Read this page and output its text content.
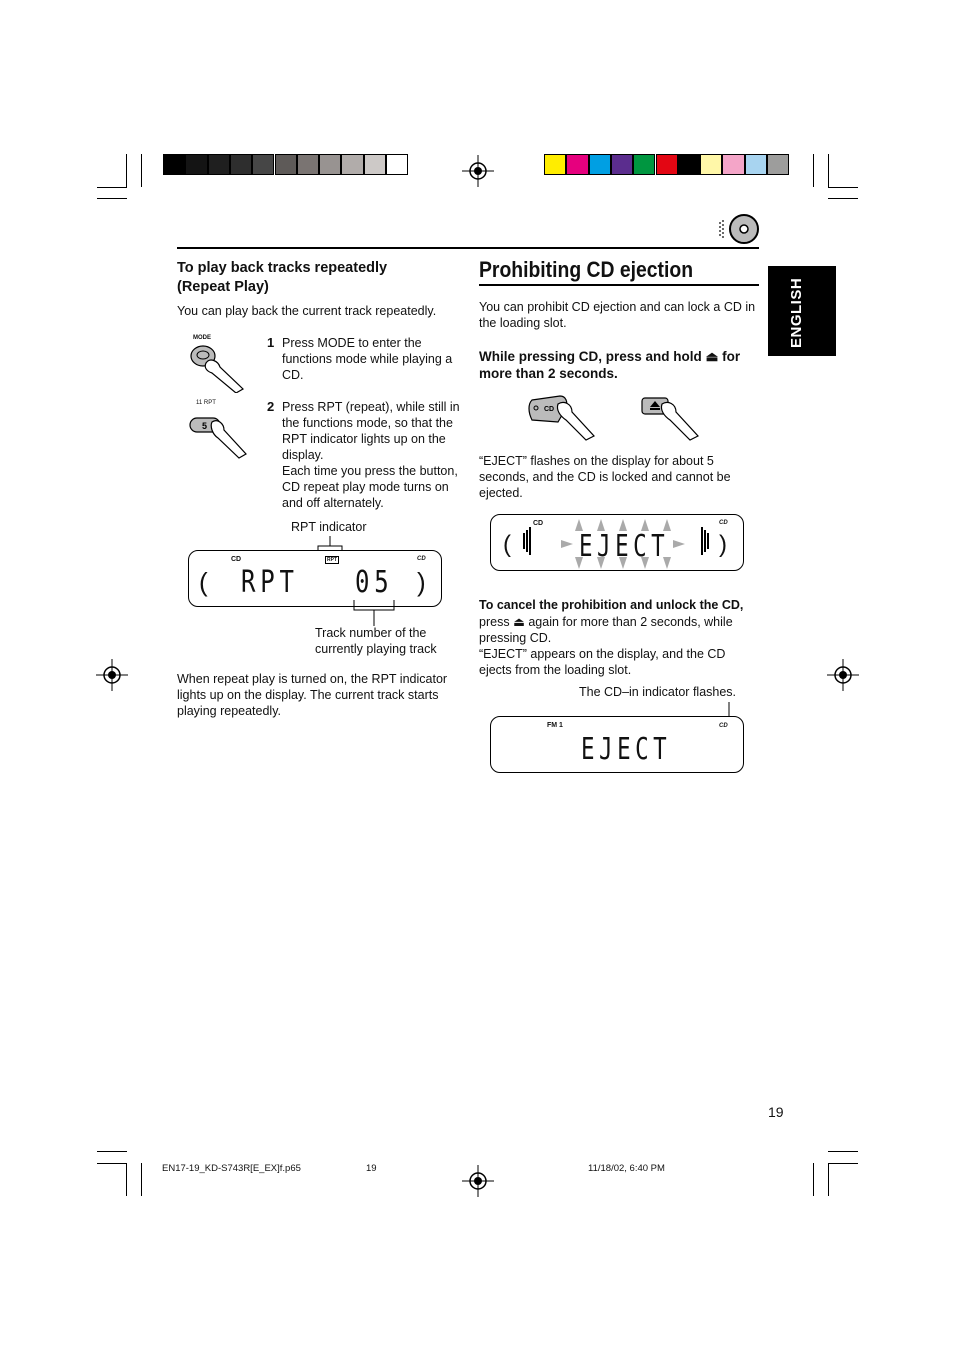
ENGLISH
To play back tracks repeatedly
(Repeat Play)
You can play back the current track repeatedly.
MODE
11 RPT
5
1 Press MODE to enter the functions mode while playing a CD.
2 Press RPT (repeat), while still in the functions mode, so that the RPT indicator lights up on the display.
Each time you press the button, CD repeat play mode turns on and off alternately.
RPT indicator
CD	RPT	CD
(	)
RPT 05
Track number of the currently playing track
When repeat play is turned on, the RPT indicator lights up on the display. The current track starts playing repeatedly.
Prohibiting CD ejection
You can prohibit CD ejection and can lock a CD in the loading slot.
While pressing CD, press and hold ⏏ for more than 2 seconds.
CD
“EJECT” flashes on the display for about 5 seconds, and the CD is locked and cannot be ejected.
CD	CD
(	)
EJECT
To cancel the prohibition and unlock the CD,
press ⏏ again for more than 2 seconds, while pressing CD.
“EJECT” appears on the display, and the CD ejects from the loading slot.
The CD–in indicator flashes.
FM 1	CD
EJECT
19
EN17-19_KD-S743R[E_EX]f.p65	19	11/18/02, 6:40 PM
